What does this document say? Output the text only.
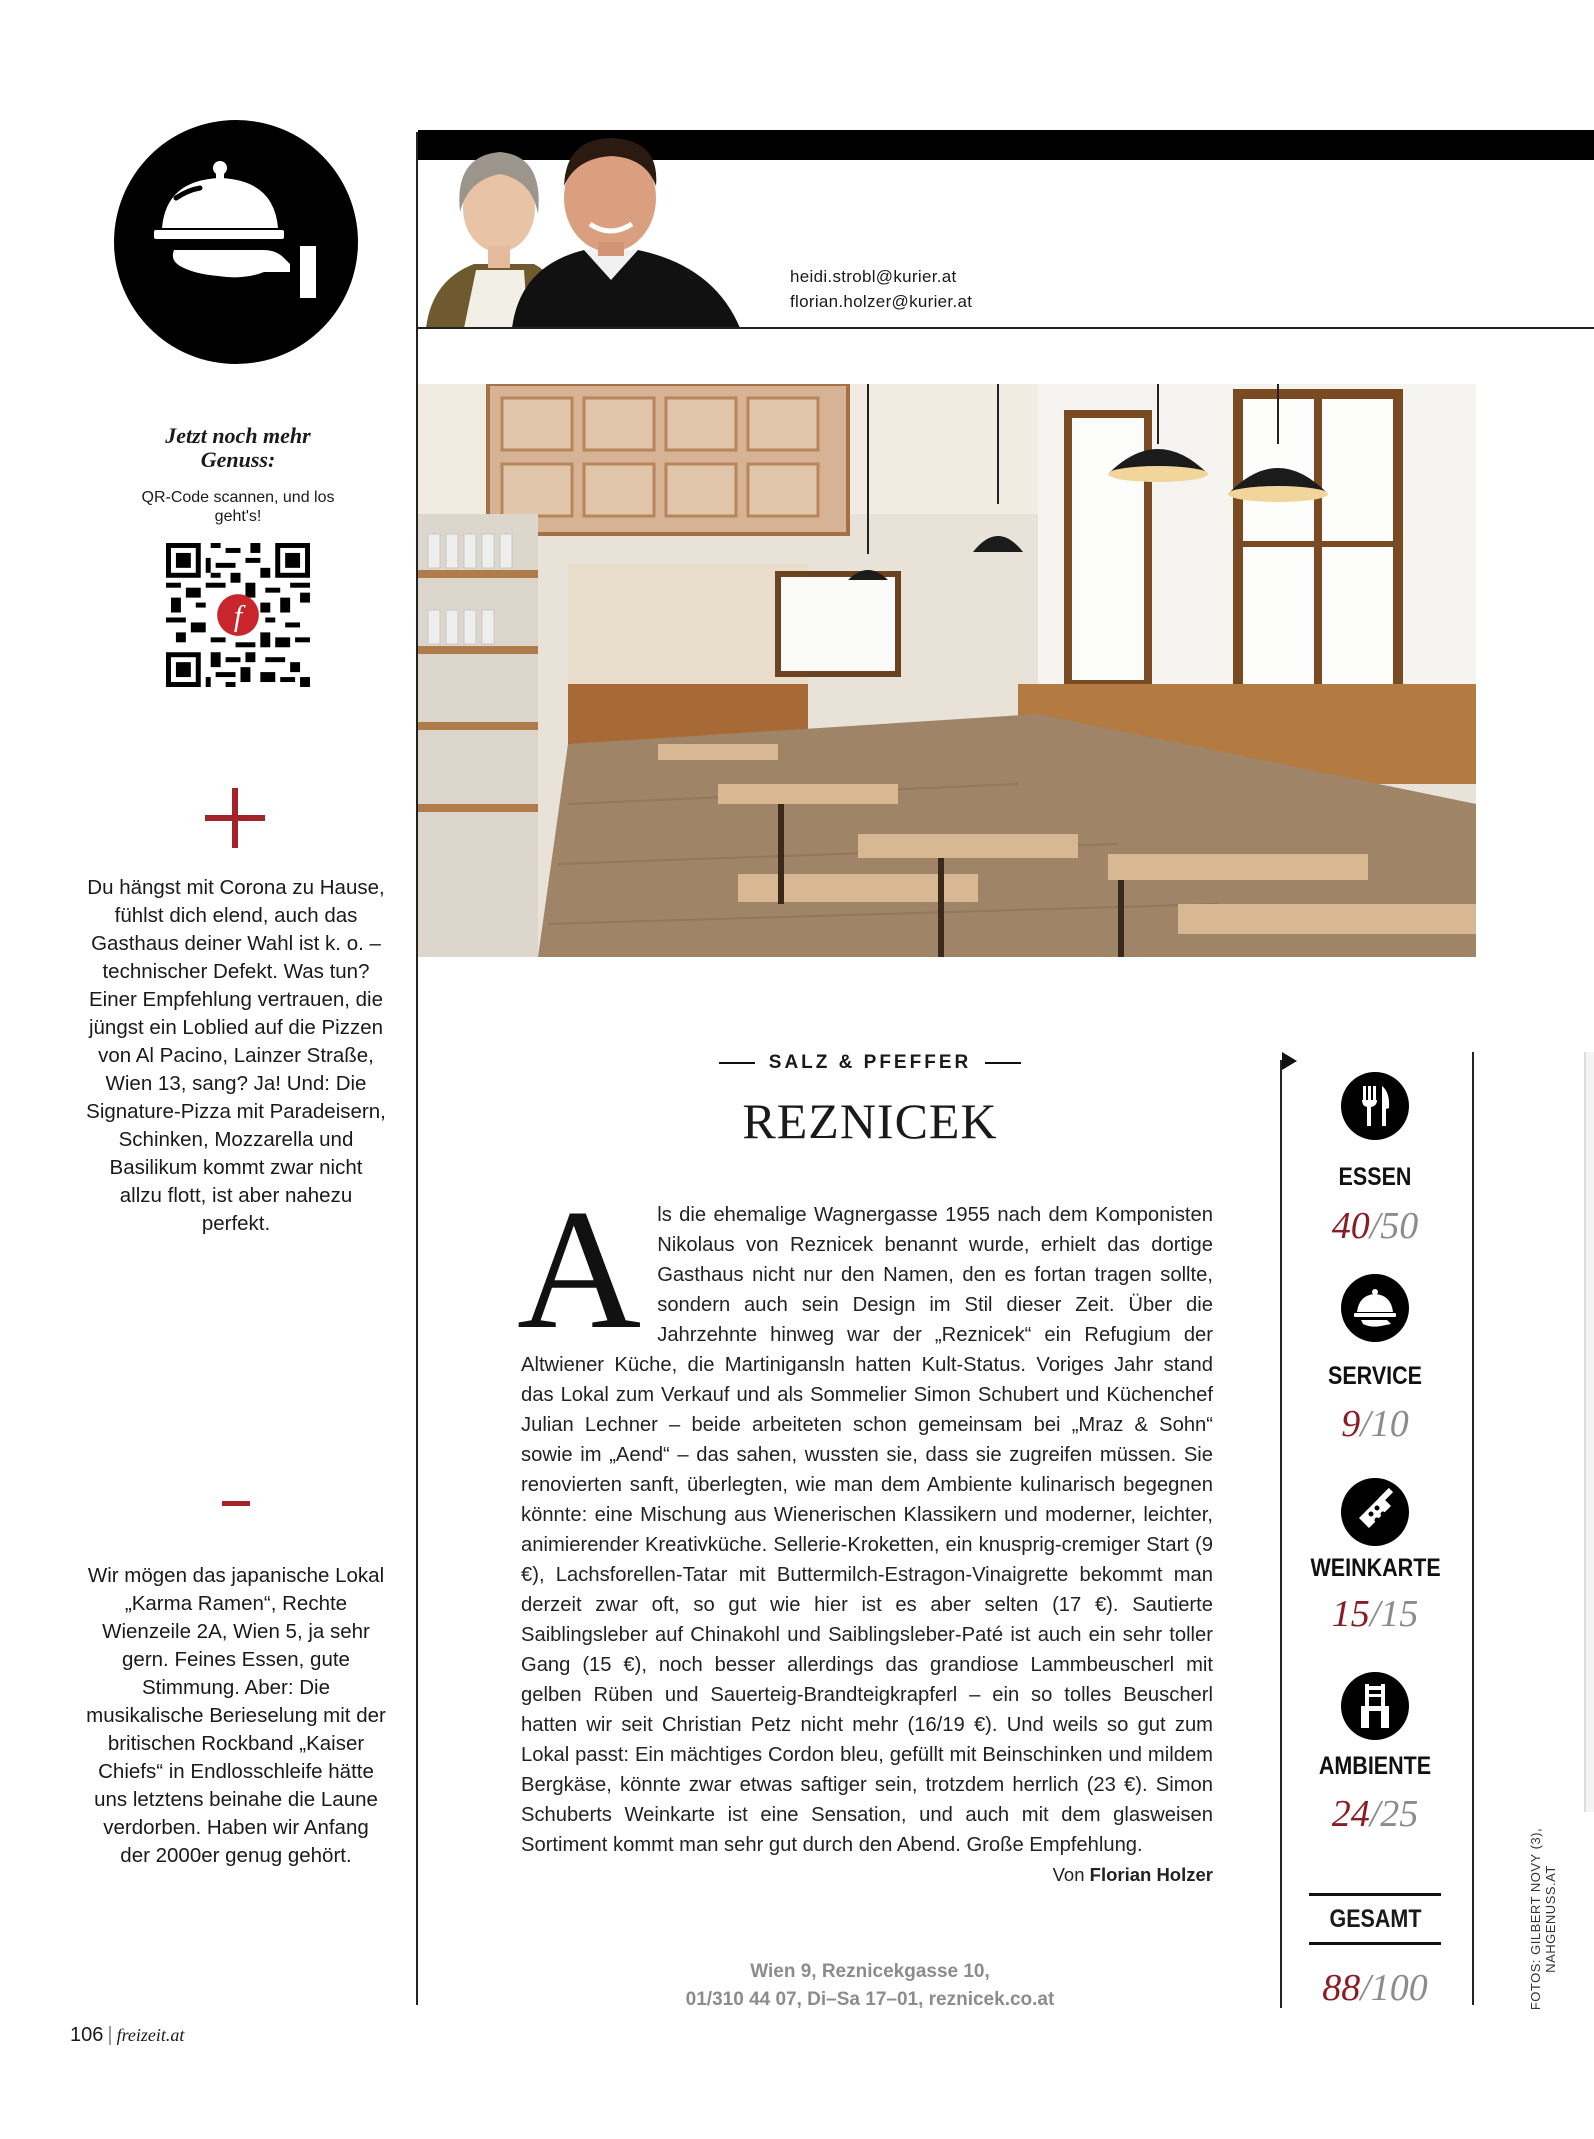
Jetzt noch mehr Genuss:
QR-Code scannen, und los geht's!
f
Du hängst mit Corona zu Hause, fühlst dich elend, auch das Gasthaus deiner Wahl ist k. o. – technischer Defekt. Was tun? Einer Empfehlung vertrauen, die jüngst ein Loblied auf die Pizzen von Al Pacino, Lainzer Straße, Wien 13, sang? Ja! Und: Die Signature-Pizza mit Paradeisern, Schinken, Mozzarella und Basilikum kommt zwar nicht allzu flott, ist aber nahezu perfekt.
Wir mögen das japanische Lokal „Karma Ramen“, Rechte Wienzeile 2A, Wien 5, ja sehr gern. Feines Essen, gute Stimmung. Aber: Die musikalische Berieselung mit der britischen Rockband „Kaiser Chiefs“ in Endlosschleife hätte uns letztens beinahe die Laune verdorben. Haben wir Anfang der 2000er genug gehört.
106 | freizeit.at
heidi.strobl@kurier.at
florian.holzer@kurier.at
SALZ & PFEFFER
REZNICEK
Als die ehemalige Wagnergasse 1955 nach dem Komponisten Nikolaus von Reznicek benannt wurde, erhielt das dortige Gasthaus nicht nur den Namen, den es fortan tragen sollte, sondern auch sein Design im Stil dieser Zeit. Über die Jahrzehnte hinweg war der „Reznicek“ ein Refugium der Altwiener Küche, die Martinigansln hatten Kult-Status. Voriges Jahr stand das Lokal zum Verkauf und als Sommelier Simon Schubert und Küchenchef Julian Lechner – beide arbeiteten schon gemeinsam bei „Mraz & Sohn“ sowie im „Aend“ – das sahen, wussten sie, dass sie zugreifen müssen. Sie renovierten sanft, überlegten, wie man dem Ambiente kulinarisch begegnen könnte: eine Mischung aus Wienerischen Klassikern und moderner, leichter, animierender Kreativküche. Sellerie-Kroketten, ein knusprig-cremiger Start (9 €), Lachsforellen-Tatar mit Buttermilch-Estragon-Vinaigrette bekommt man derzeit zwar oft, so gut wie hier ist es aber selten (17 €). Sautierte Saiblingsleber auf Chinakohl und Saiblingsleber-Paté ist auch ein sehr toller Gang (15 €), noch besser allerdings das grandiose Lammbeuscherl mit gelben Rüben und Sauerteig-Brandteigkrapferl – ein so tolles Beuscherl hatten wir seit Christian Petz nicht mehr (16/19 €). Und weils so gut zum Lokal passt: Ein mächtiges Cordon bleu, gefüllt mit Beinschinken und mildem Bergkäse, könnte zwar etwas saftiger sein, trotzdem herrlich (23 €). Simon Schuberts Weinkarte ist eine Sensation, und auch mit dem glasweisen Sortiment kommt man sehr gut durch den Abend. Große Empfehlung.
Von Florian Holzer
Wien 9, Reznicekgasse 10,
01/310 44 07, Di–Sa 17–01, reznicek.co.at
ESSEN
40/50
SERVICE
9/10
WEINKARTE
15/15
AMBIENTE
24/25
GESAMT
88/100	FOTOS: GILBERT NOVY (3), NAHGENUSS.AT
